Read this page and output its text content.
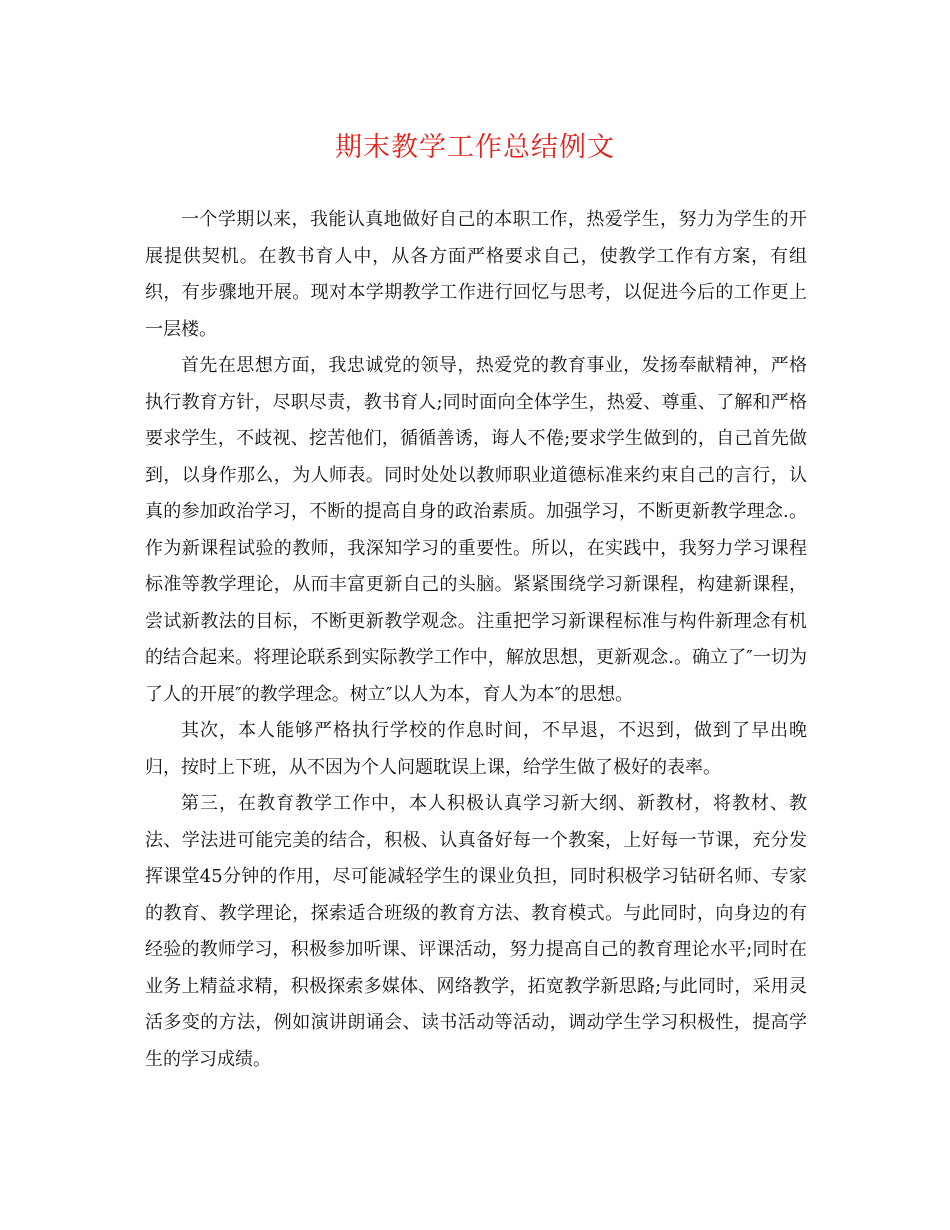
期末教学工作总结例文

一个学期以来，我能认真地做好自己的本职工作，热爱学生，努力为学生的开展提供契机。在教书育人中，从各方面严格要求自己，使教学工作有方案，有组织，有步骤地开展。现对本学期教学工作进行回忆与思考，以促进今后的工作更上一层楼。

首先在思想方面，我忠诚党的领导，热爱党的教育事业，发扬奉献精神，严格执行教育方针，尽职尽责，教书育人;同时面向全体学生，热爱、尊重、了解和严格要求学生，不歧视、挖苦他们，循循善诱，诲人不倦;要求学生做到的，自己首先做到，以身作那么，为人师表。同时处处以教师职业道德标准来约束自己的言行，认真的参加政治学习，不断的提高自身的政治素质。加强学习，不断更新教学理念.。作为新课程试验的教师，我深知学习的重要性。所以，在实践中，我努力学习课程标准等教学理论，从而丰富更新自己的头脑。紧紧围绕学习新课程，构建新课程，尝试新教法的目标，不断更新教学观念。注重把学习新课程标准与构件新理念有机的结合起来。将理论联系到实际教学工作中，解放思想，更新观念.。确立了″一切为了人的开展″的教学理念。树立″以人为本，育人为本″的思想。

其次，本人能够严格执行学校的作息时间，不早退，不迟到，做到了早出晚归，按时上下班，从不因为个人问题耽误上课，给学生做了极好的表率。

第三，在教育教学工作中，本人积极认真学习新大纲、新教材，将教材、教法、学法进可能完美的结合，积极、认真备好每一个教案，上好每一节课，充分发挥课堂45分钟的作用，尽可能减轻学生的课业负担，同时积极学习钻研名师、专家的教育、教学理论，探索适合班级的教育方法、教育模式。与此同时，向身边的有经验的教师学习，积极参加听课、评课活动，努力提高自己的教育理论水平;同时在业务上精益求精，积极探索多媒体、网络教学，拓宽教学新思路;与此同时，采用灵活多变的方法，例如演讲朗诵会、读书活动等活动，调动学生学习积极性，提高学生的学习成绩。
